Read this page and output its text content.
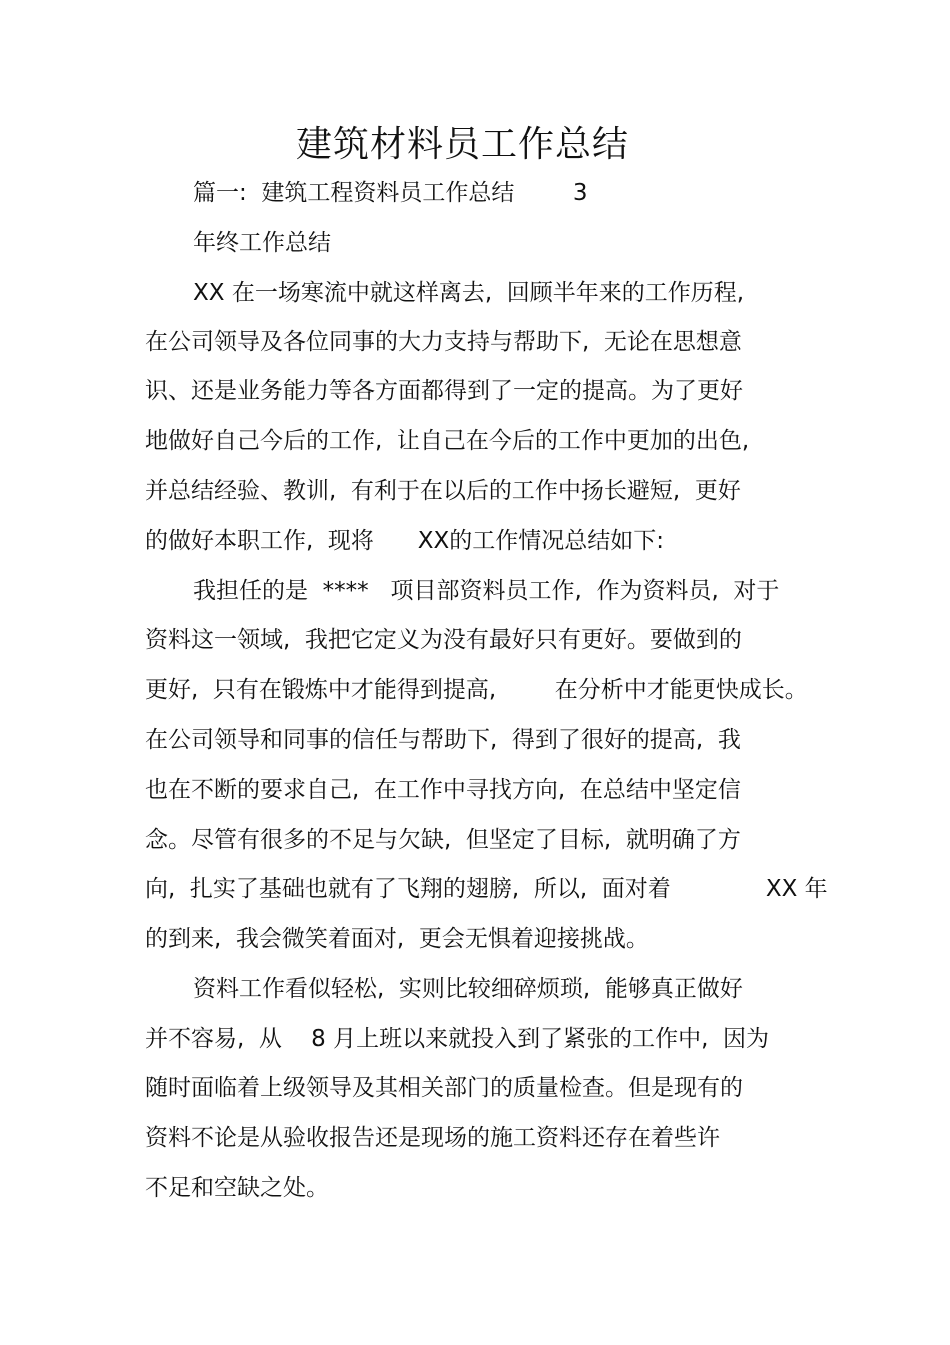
建筑材料员工作总结
篇一:  建筑工程资料员工作总结        3
年终工作总结
XX 在一场寒流中就这样离去,  回顾半年来的工作历程,
在公司领导及各位同事的大力支持与帮助下,  无论在思想意
识、还是业务能力等各方面都得到了一定的提高。为了更好
地做好自己今后的工作,  让自己在今后的工作中更加的出色,
并总结经验、教训,  有利于在以后的工作中扬长避短,  更好
的做好本职工作,  现将      XX的工作情况总结如下:
我担任的是  ****   项目部资料员工作,  作为资料员,  对于
资料这一领域,  我把它定义为没有最好只有更好。要做到的
更好,  只有在锻炼中才能得到提高,        在分析中才能更快成长。
在公司领导和同事的信任与帮助下,  得到了很好的提高,  我
也在不断的要求自己,  在工作中寻找方向,  在总结中坚定信
念。尽管有很多的不足与欠缺,  但坚定了目标,  就明确了方
向,  扎实了基础也就有了飞翔的翅膀,  所以,  面对着             XX 年
的到来,  我会微笑着面对,  更会无惧着迎接挑战。
资料工作看似轻松,  实则比较细碎烦琐,  能够真正做好
并不容易,  从    8 月上班以来就投入到了紧张的工作中,  因为
随时面临着上级领导及其相关部门的质量检查。但是现有的
资料不论是从验收报告还是现场的施工资料还存在着些许
不足和空缺之处。
